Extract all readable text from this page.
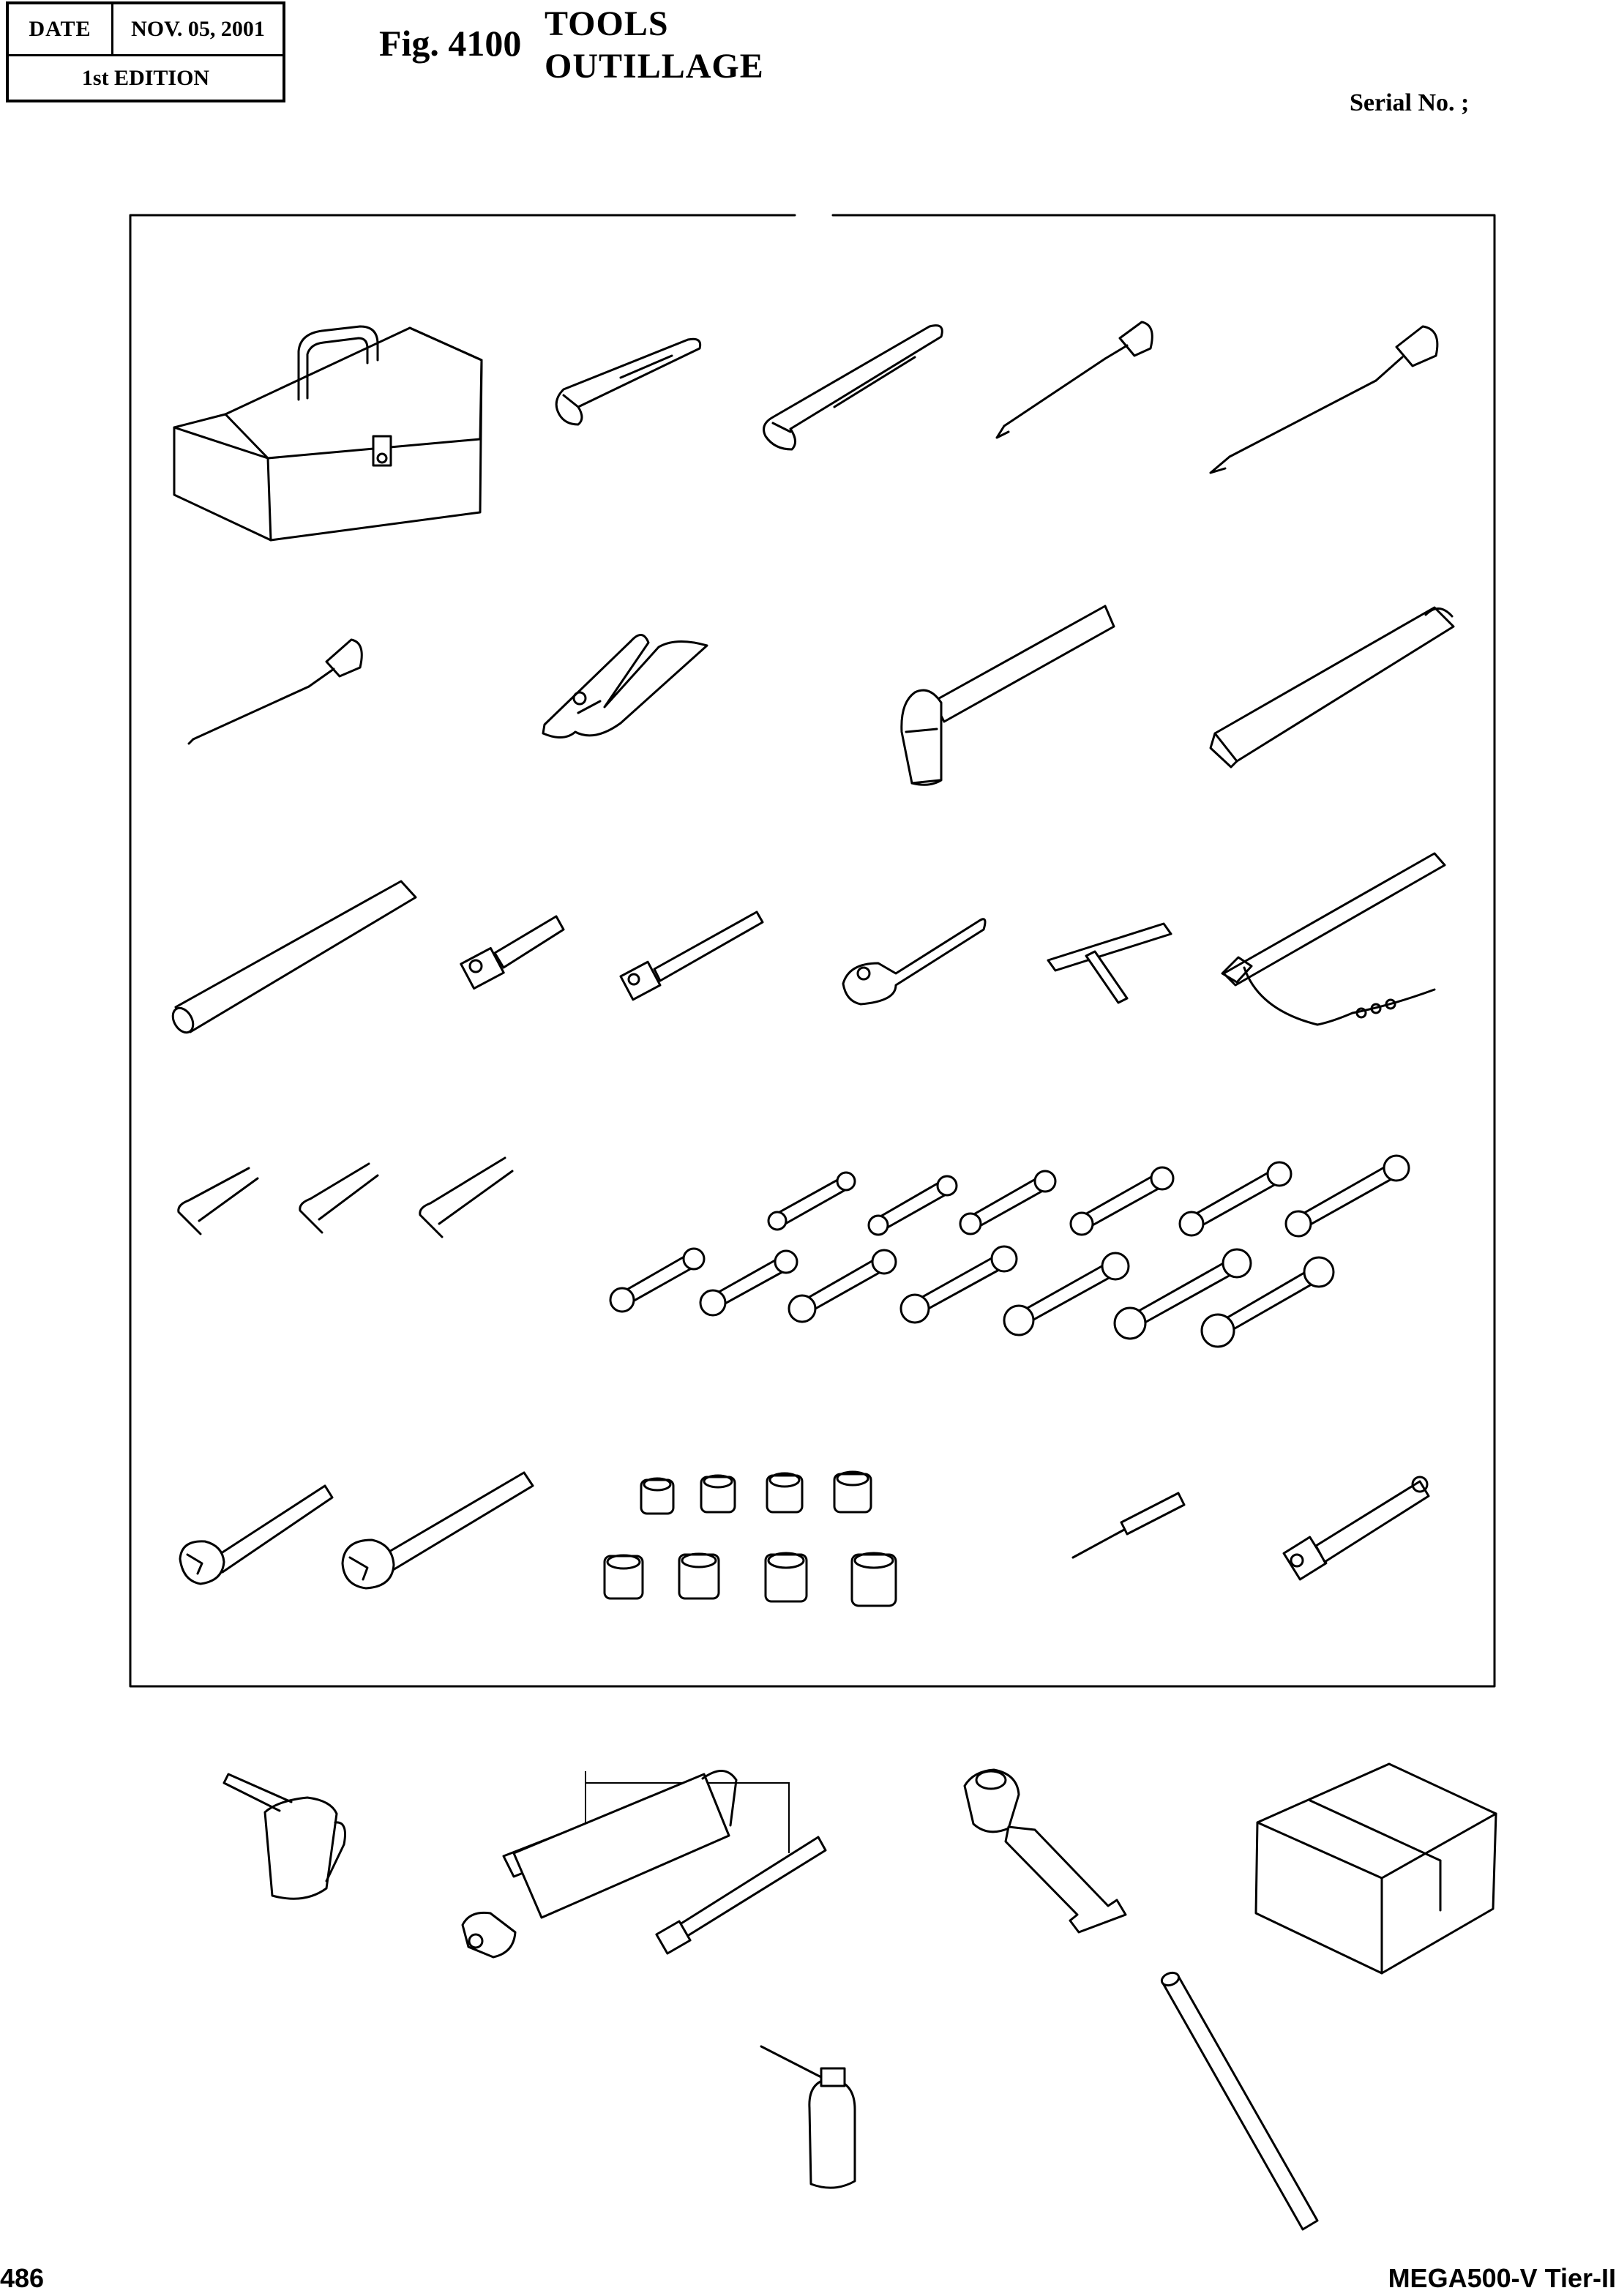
DATE	NOV. 05, 2001
1st EDITION
Fig. 4100 TOOLS
OUTILLAGE
Serial No. ;
486	MEGA500-V Tier-II
